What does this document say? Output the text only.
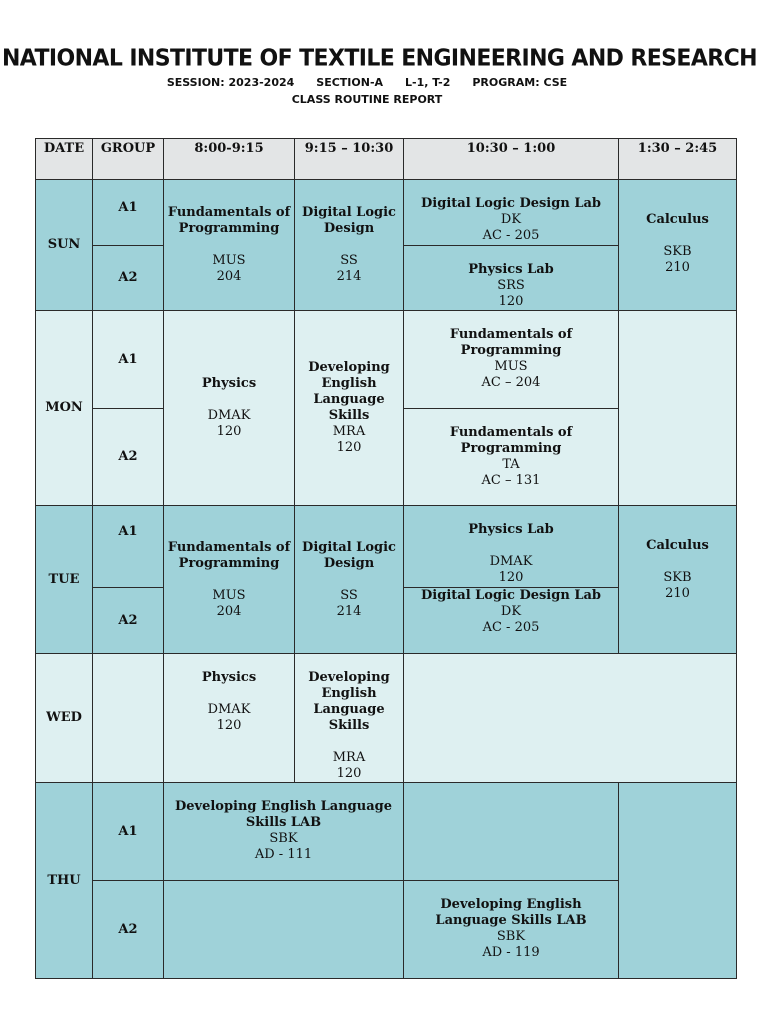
NATIONAL INSTITUTE OF TEXTILE ENGINEERING AND RESEARCH
SESSION: 2023-2024 SECTION-A L-1, T-2 PROGRAM: CSE
CLASS ROUTINE REPORT
DATE	GROUP	8:00-9:15	9:15 – 10:30	10:30 – 1:00	1:30 – 2:45
SUN	A1	Fundamentals of Programming
MUS
204	Digital Logic Design
SS
214	Digital Logic Design Lab
DK
AC - 205	Calculus
SKB
210

	A2			Physics Lab
SRS
120	

MON	A1	Physics
DMAK
120	Developing English Language Skills
MRA
120	Fundamentals of Programming
MUS
AC – 204	

	A2			Fundamentals of Programming
TA
AC – 131	

TUE	A1	Fundamentals of Programming
MUS
204	Digital Logic Design
SS
214	Physics Lab
DMAK
120	Calculus
SKB
210

	A2			Digital Logic Design Lab
DK
AC - 205	

WED		Physics
DMAK
120	Developing English Language Skills
MRA
120		

THU	A1	Developing English Language Skills LAB
SBK
AD - 111			

	A2			Developing English Language Skills LAB
SBK
AD - 119	
